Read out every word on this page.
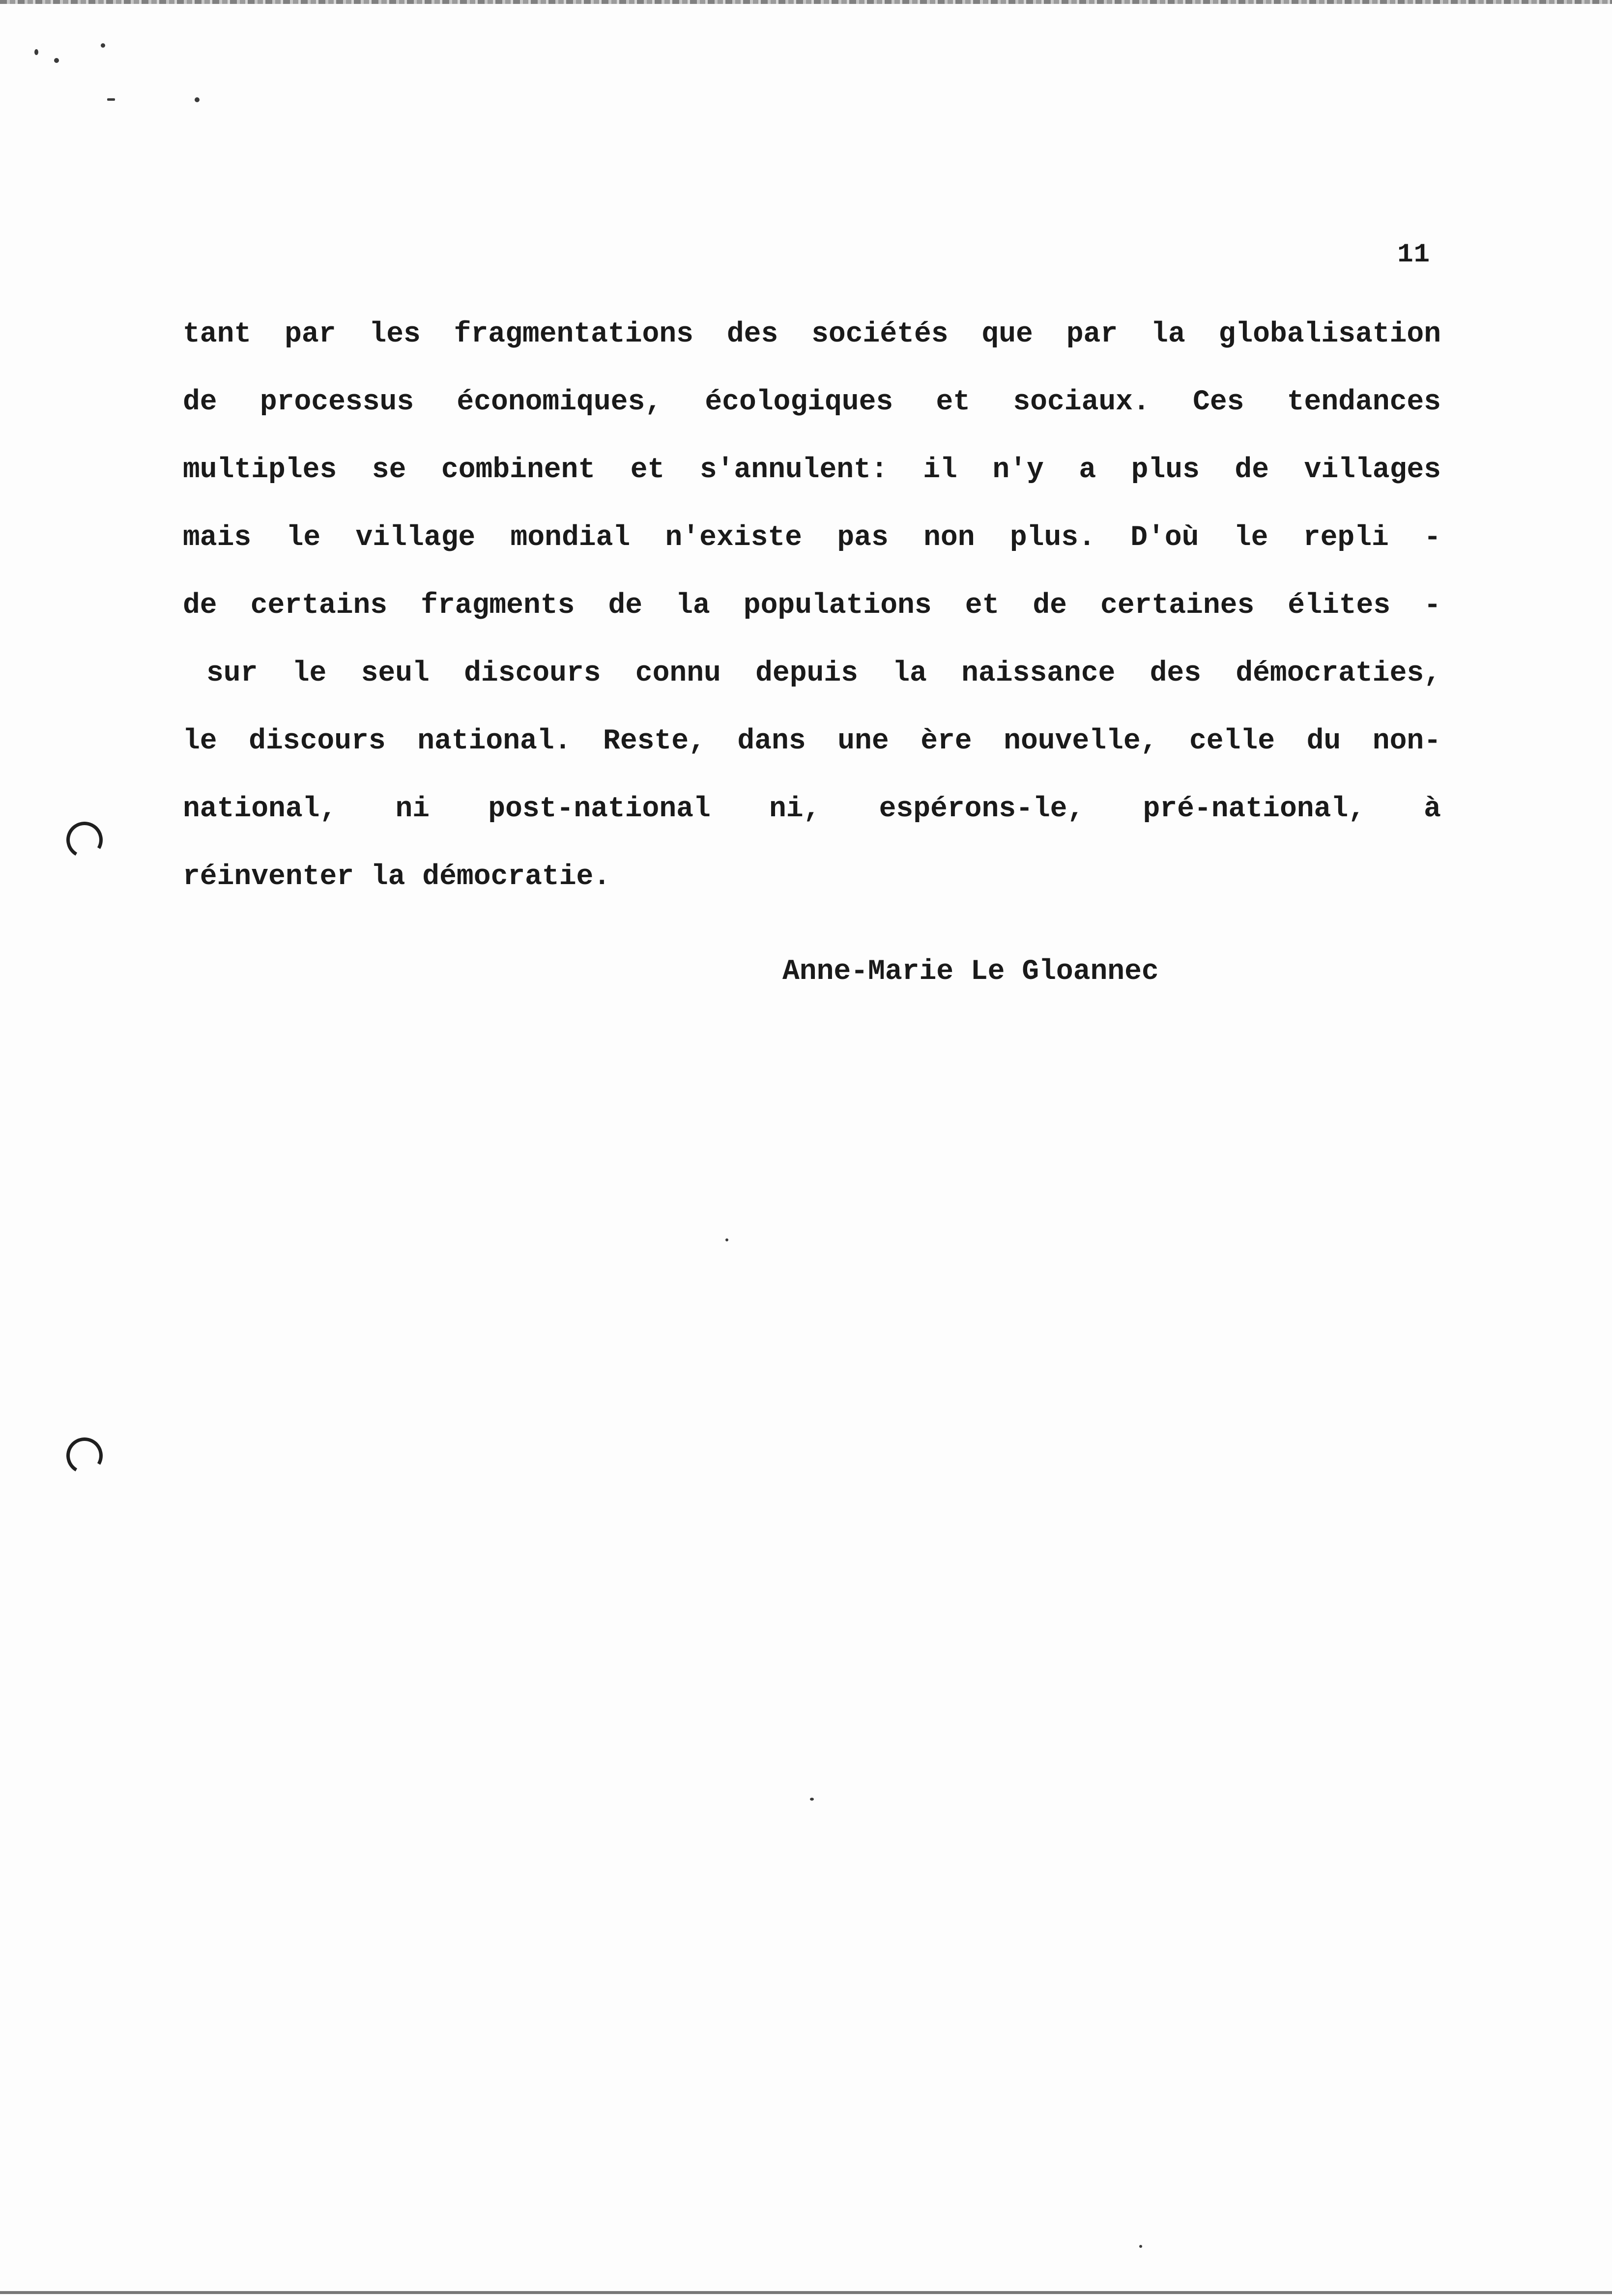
11
tant par les fragmentations des sociétés que par la globalisation
de processus économiques, écologiques et sociaux. Ces tendances
multiples se combinent et s'annulent: il n'y a plus de villages
mais le village mondial n'existe pas non plus. D'où le repli -
de certains fragments de la populations et de certaines élites -
sur le seul discours connu depuis la naissance des démocraties,
le discours national. Reste, dans une ère nouvelle, celle du non-
national, ni post-national ni, espérons-le, pré-national, à
réinventer la démocratie.
Anne-Marie Le Gloannec
